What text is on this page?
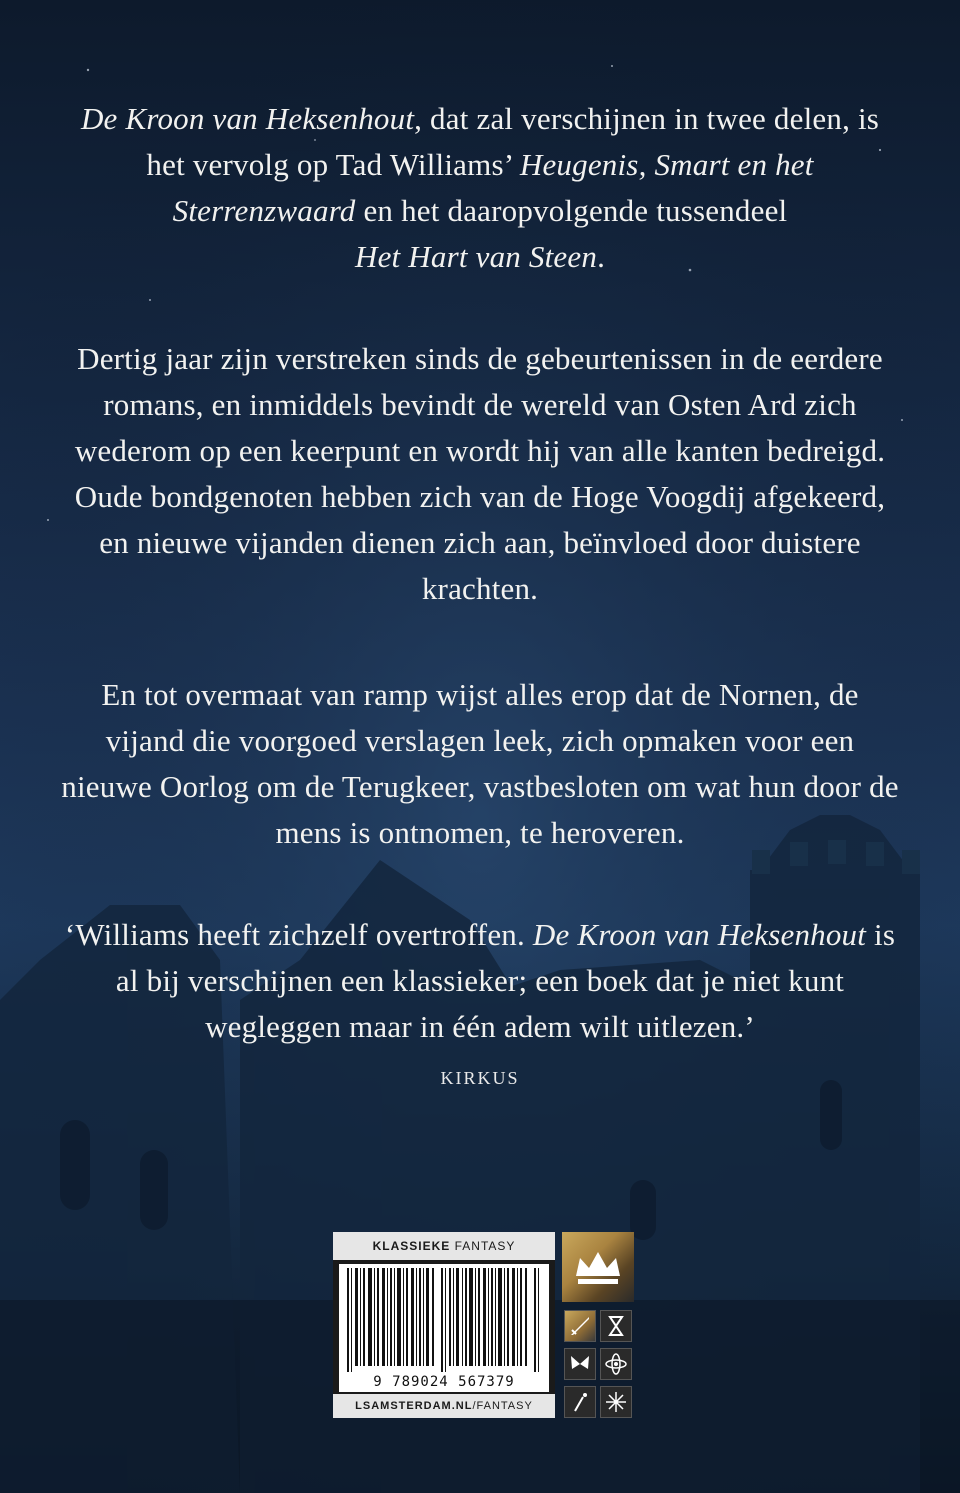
De Kroon van Heksenhout, dat zal verschijnen in twee delen, is het vervolg op Tad Williams’ Heugenis, Smart en het Sterrenzwaard en het daaropvolgende tussendeel
Het Hart van Steen.

Dertig jaar zijn verstreken sinds de gebeurtenissen in de eerdere romans, en inmiddels bevindt de wereld van Osten Ard zich wederom op een keerpunt en wordt hij van alle kanten bedreigd. Oude bondgenoten hebben zich van de Hoge Voogdij afgekeerd, en nieuwe vijanden dienen zich aan, beïnvloed door duistere krachten.

En tot overmaat van ramp wijst alles erop dat de Nornen, de vijand die voorgoed verslagen leek, zich opmaken voor een nieuwe Oorlog om de Terugkeer, vastbesloten om wat hun door de mens is ontnomen, te heroveren.

‘Williams heeft zichzelf overtroffen. De Kroon van Heksenhout is al bij verschijnen een klassieker; een boek dat je niet kunt wegleggen maar in één adem wilt uitlezen.’

KIRKUS
KLASSIEKE FANTASY
9 789024 567379
LSAMSTERDAM.NL/FANTASY
